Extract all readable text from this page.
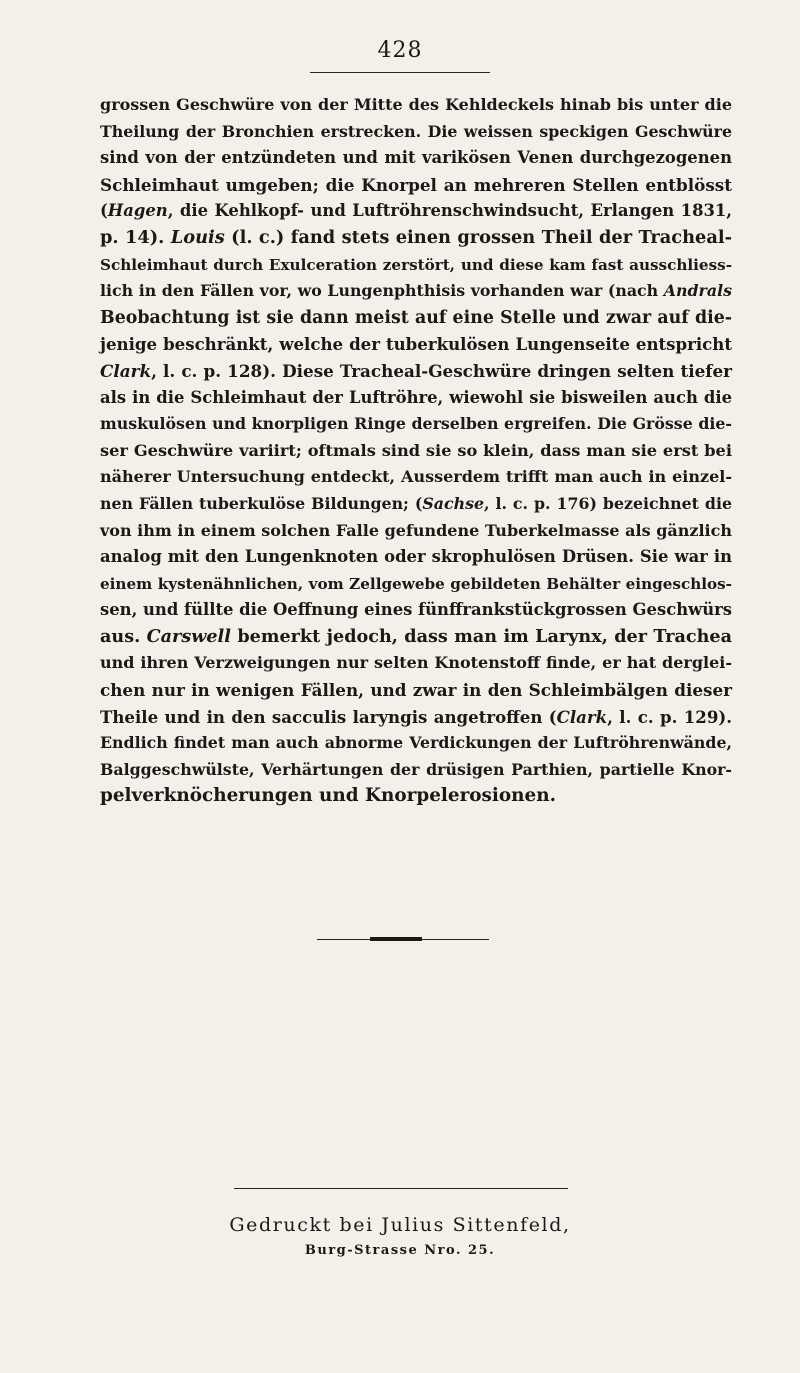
428
grossen Geschwüre von der Mitte des Kehldeckels hinab bis unter die
Theilung der Bronchien erstrecken. Die weissen speckigen Geschwüre
sind von der entzündeten und mit varikösen Venen durchgezogenen
Schleimhaut umgeben; die Knorpel an mehreren Stellen entblösst
(Hagen, die Kehlkopf- und Luftröhrenschwindsucht, Erlangen 1831,
p. 14). Louis (l. c.) fand stets einen grossen Theil der Tracheal-
Schleimhaut durch Exulceration zerstört, und diese kam fast ausschliess-
lich in den Fällen vor, wo Lungenphthisis vorhanden war (nach Andrals
Beobachtung ist sie dann meist auf eine Stelle und zwar auf die-
jenige beschränkt, welche der tuberkulösen Lungenseite entspricht
Clark, l. c. p. 128). Diese Tracheal-Geschwüre dringen selten tiefer
als in die Schleimhaut der Luftröhre, wiewohl sie bisweilen auch die
muskulösen und knorpligen Ringe derselben ergreifen. Die Grösse die-
ser Geschwüre variirt; oftmals sind sie so klein, dass man sie erst bei
näherer Untersuchung entdeckt, Ausserdem trifft man auch in einzel-
nen Fällen tuberkulöse Bildungen; (Sachse, l. c. p. 176) bezeichnet die
von ihm in einem solchen Falle gefundene Tuberkelmasse als gänzlich
analog mit den Lungenknoten oder skrophulösen Drüsen. Sie war in
einem kystenähnlichen, vom Zellgewebe gebildeten Behälter eingeschlos-
sen, und füllte die Oeffnung eines fünffrankstückgrossen Geschwürs
aus. Carswell bemerkt jedoch, dass man im Larynx, der Trachea
und ihren Verzweigungen nur selten Knotenstoff finde, er hat derglei-
chen nur in wenigen Fällen, und zwar in den Schleimbälgen dieser
Theile und in den sacculis laryngis angetroffen (Clark, l. c. p. 129).
Endlich findet man auch abnorme Verdickungen der Luftröhrenwände,
Balggeschwülste, Verhärtungen der drüsigen Parthien, partielle Knor-
pelverknöcherungen und Knorpelerosionen.
Gedruckt bei Julius Sittenfeld,
Burg-Strasse Nro. 25.
